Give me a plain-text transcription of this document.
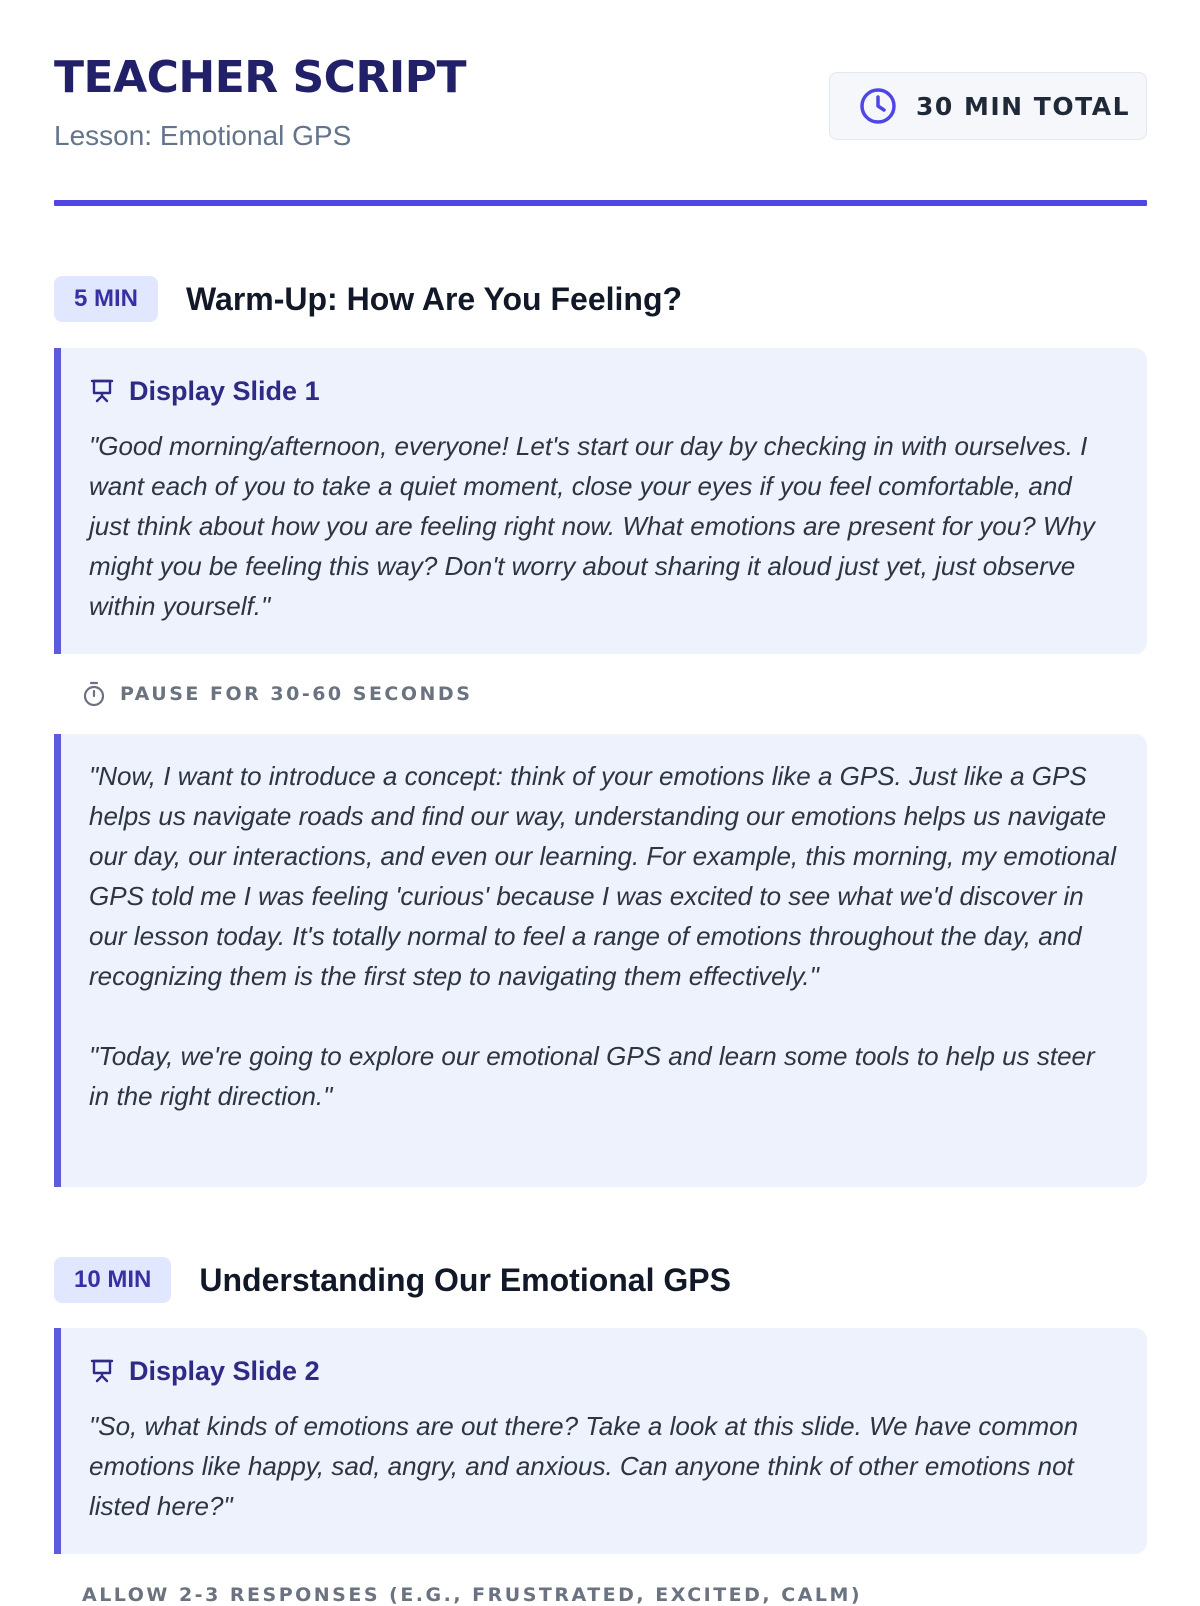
TEACHER SCRIPT
Lesson: Emotional GPS
30 MIN TOTAL
5 MIN	Warm-Up: How Are You Feeling?
Display Slide 1

"Good morning/afternoon, everyone! Let's start our day by checking in with ourselves. I want each of you to take a quiet moment, close your eyes if you feel comfortable, and just think about how you are feeling right now. What emotions are present for you? Why might you be feeling this way? Don't worry about sharing it aloud just yet, just observe within yourself."

PAUSE FOR 30-60 SECONDS

"Now, I want to introduce a concept: think of your emotions like a GPS. Just like a GPS helps us navigate roads and find our way, understanding our emotions helps us navigate our day, our interactions, and even our learning. For example, this morning, my emotional GPS told me I was feeling 'curious' because I was excited to see what we'd discover in our lesson today. It's totally normal to feel a range of emotions throughout the day, and recognizing them is the first step to navigating them effectively."

"Today, we're going to explore our emotional GPS and learn some tools to help us steer in the right direction."

10 MIN	Understanding Our Emotional GPS
Display Slide 2

"So, what kinds of emotions are out there? Take a look at this slide. We have common emotions like happy, sad, angry, and anxious. Can anyone think of other emotions not listed here?"

ALLOW 2-3 RESPONSES (E.G., FRUSTRATED, EXCITED, CALM)
